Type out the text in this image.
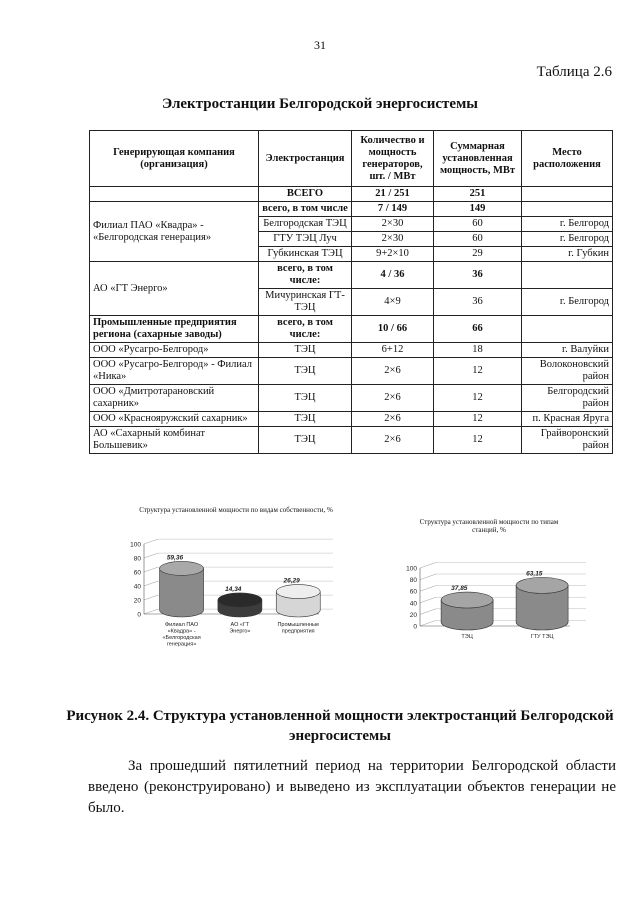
31
Таблица 2.6
Электростанции Белгородской энергосистемы
Генерирующая компания (организация)	Электростанция	Количество и мощность генераторов, шт. / МВт	Суммарная установленная мощность, МВт	Место расположения
	ВСЕГО	21 / 251	251	
Филиал ПАО «Квадра» - «Белгородская генерация»	всего, в том числе	7 / 149	149	
	Белгородская ТЭЦ	2×30	60	г. Белгород
	ГТУ ТЭЦ Луч	2×30	60	г. Белгород
	Губкинская ТЭЦ	9+2×10	29	г. Губкин
АО «ГТ Энерго»	всего, в том числе:	4 / 36	36	
	Мичуринская ГТ-ТЭЦ	4×9	36	г. Белгород
Промышленные предприятия региона (сахарные заводы)	всего, в том числе:	10 / 66	66	
ООО «Русагро-Белгород»	ТЭЦ	6+12	18	г. Валуйки
ООО «Русагро-Белгород» - Филиал «Ника»	ТЭЦ	2×6	12	Волоконовский район
ООО «Дмитротарановский сахарник»	ТЭЦ	2×6	12	Белгородский район
ООО «Краснояружский сахарник»	ТЭЦ	2×6	12	п. Красная Яруга
АО «Сахарный комбинат Большевик»	ТЭЦ	2×6	12	Грайворонский район
Структура установленной мощности по видам собственности, %
0
20
40
60
80
100
59,36
14,34
26,29
Филиал ПАО «Квадра» -«Белгородская генерация»
АО «ГТ Энерго»
Промышленные предприятия
Структура установленной мощности по типам станций, %
0
20
40
60
80
100
37,85
63,15
ТЭЦ	ГТУ ТЭЦ
Рисунок 2.4. Структура установленной мощности электростанций Белгородской энергосистемы
За прошедший пятилетний период на территории Белгородской области введено (реконструировано) и выведено из эксплуатации объектов генерации не было.
